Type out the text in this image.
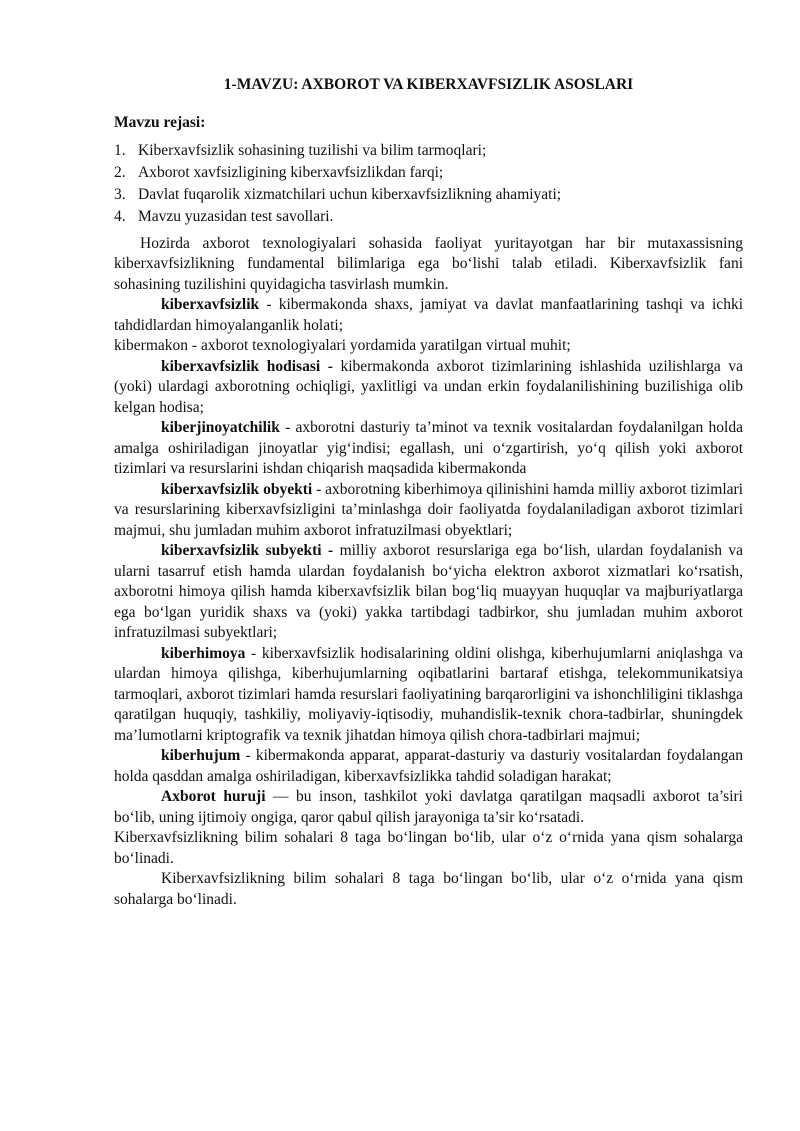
1-MAVZU: AXBOROT VA KIBERXAVFSIZLIK ASOSLARI
Mavzu rejasi:
1. Kiberxavfsizlik sohasining tuzilishi va bilim tarmoqlari;
2. Axborot xavfsizligining kiberxavfsizlikdan farqi;
3. Davlat fuqarolik xizmatchilari uchun kiberxavfsizlikning ahamiyati;
4. Mavzu yuzasidan test savollari.

Hozirda axborot texnologiyalari sohasida faoliyat yuritayotgan har bir mutaxassisning kiberxavfsizlikning fundamental bilimlariga ega bo‘lishi talab etiladi. Kiberxavfsizlik fani sohasining tuzilishini quyidagicha tasvirlash mumkin.

kiberxavfsizlik - kibermakonda shaxs, jamiyat va davlat manfaatlarining tashqi va ichki tahdidlardan himoyalanganlik holati;

kibermakon - axborot texnologiyalari yordamida yaratilgan virtual muhit;

kiberxavfsizlik hodisasi - kibermakonda axborot tizimlarining ishlashida uzilishlarga va (yoki) ulardagi axborotning ochiqligi, yaxlitligi va undan erkin foydalanilishining buzilishiga olib kelgan hodisa;

kiberjinoyatchilik - axborotni dasturiy ta’minot va texnik vositalardan foydalanilgan holda amalga oshiriladigan jinoyatlar yig‘indisi; egallash, uni o‘zgartirish, yo‘q qilish yoki axborot tizimlari va resurslarini ishdan chiqarish maqsadida kibermakonda

kiberxavfsizlik obyekti - axborotning kiberhimoya qilinishini hamda milliy axborot tizimlari va resurslarining kiberxavfsizligini ta’minlashga doir faoliyatda foydalaniladigan axborot tizimlari majmui, shu jumladan muhim axborot infratuzilmasi obyektlari;

kiberxavfsizlik subyekti - milliy axborot resurslariga ega bo‘lish, ulardan foydalanish va ularni tasarruf etish hamda ulardan foydalanish bo‘yicha elektron axborot xizmatlari ko‘rsatish, axborotni himoya qilish hamda kiberxavfsizlik bilan bog‘liq muayyan huquqlar va majburiyatlarga ega bo‘lgan yuridik shaxs va (yoki) yakka tartibdagi tadbirkor, shu jumladan muhim axborot infratuzilmasi subyektlari;

kiberhimoya - kiberxavfsizlik hodisalarining oldini olishga, kiberhujumlarni aniqlashga va ulardan himoya qilishga, kiberhujumlarning oqibatlarini bartaraf etishga, telekommunikatsiya tarmoqlari, axborot tizimlari hamda resurslari faoliyatining barqarorligini va ishonchliligini tiklashga qaratilgan huquqiy, tashkiliy, moliyaviy-iqtisodiy, muhandislik-texnik chora-tadbirlar, shuningdek ma’lumotlarni kriptografik va texnik jihatdan himoya qilish chora-tadbirlari majmui;

kiberhujum - kibermakonda apparat, apparat-dasturiy va dasturiy vositalardan foydalangan holda qasddan amalga oshiriladigan, kiberxavfsizlikka tahdid soladigan harakat;

Axborot huruji — bu inson, tashkilot yoki davlatga qaratilgan maqsadli axborot ta’siri bo‘lib, uning ijtimoiy ongiga, qaror qabul qilish jarayoniga ta’sir ko‘rsatadi.

Kiberxavfsizlikning bilim sohalari 8 taga bo‘lingan bo‘lib, ular o‘z o‘rnida yana qism sohalarga bo‘linadi.

Kiberxavfsizlikning bilim sohalari 8 taga bo‘lingan bo‘lib, ular o‘z o‘rnida yana qism sohalarga bo‘linadi.
